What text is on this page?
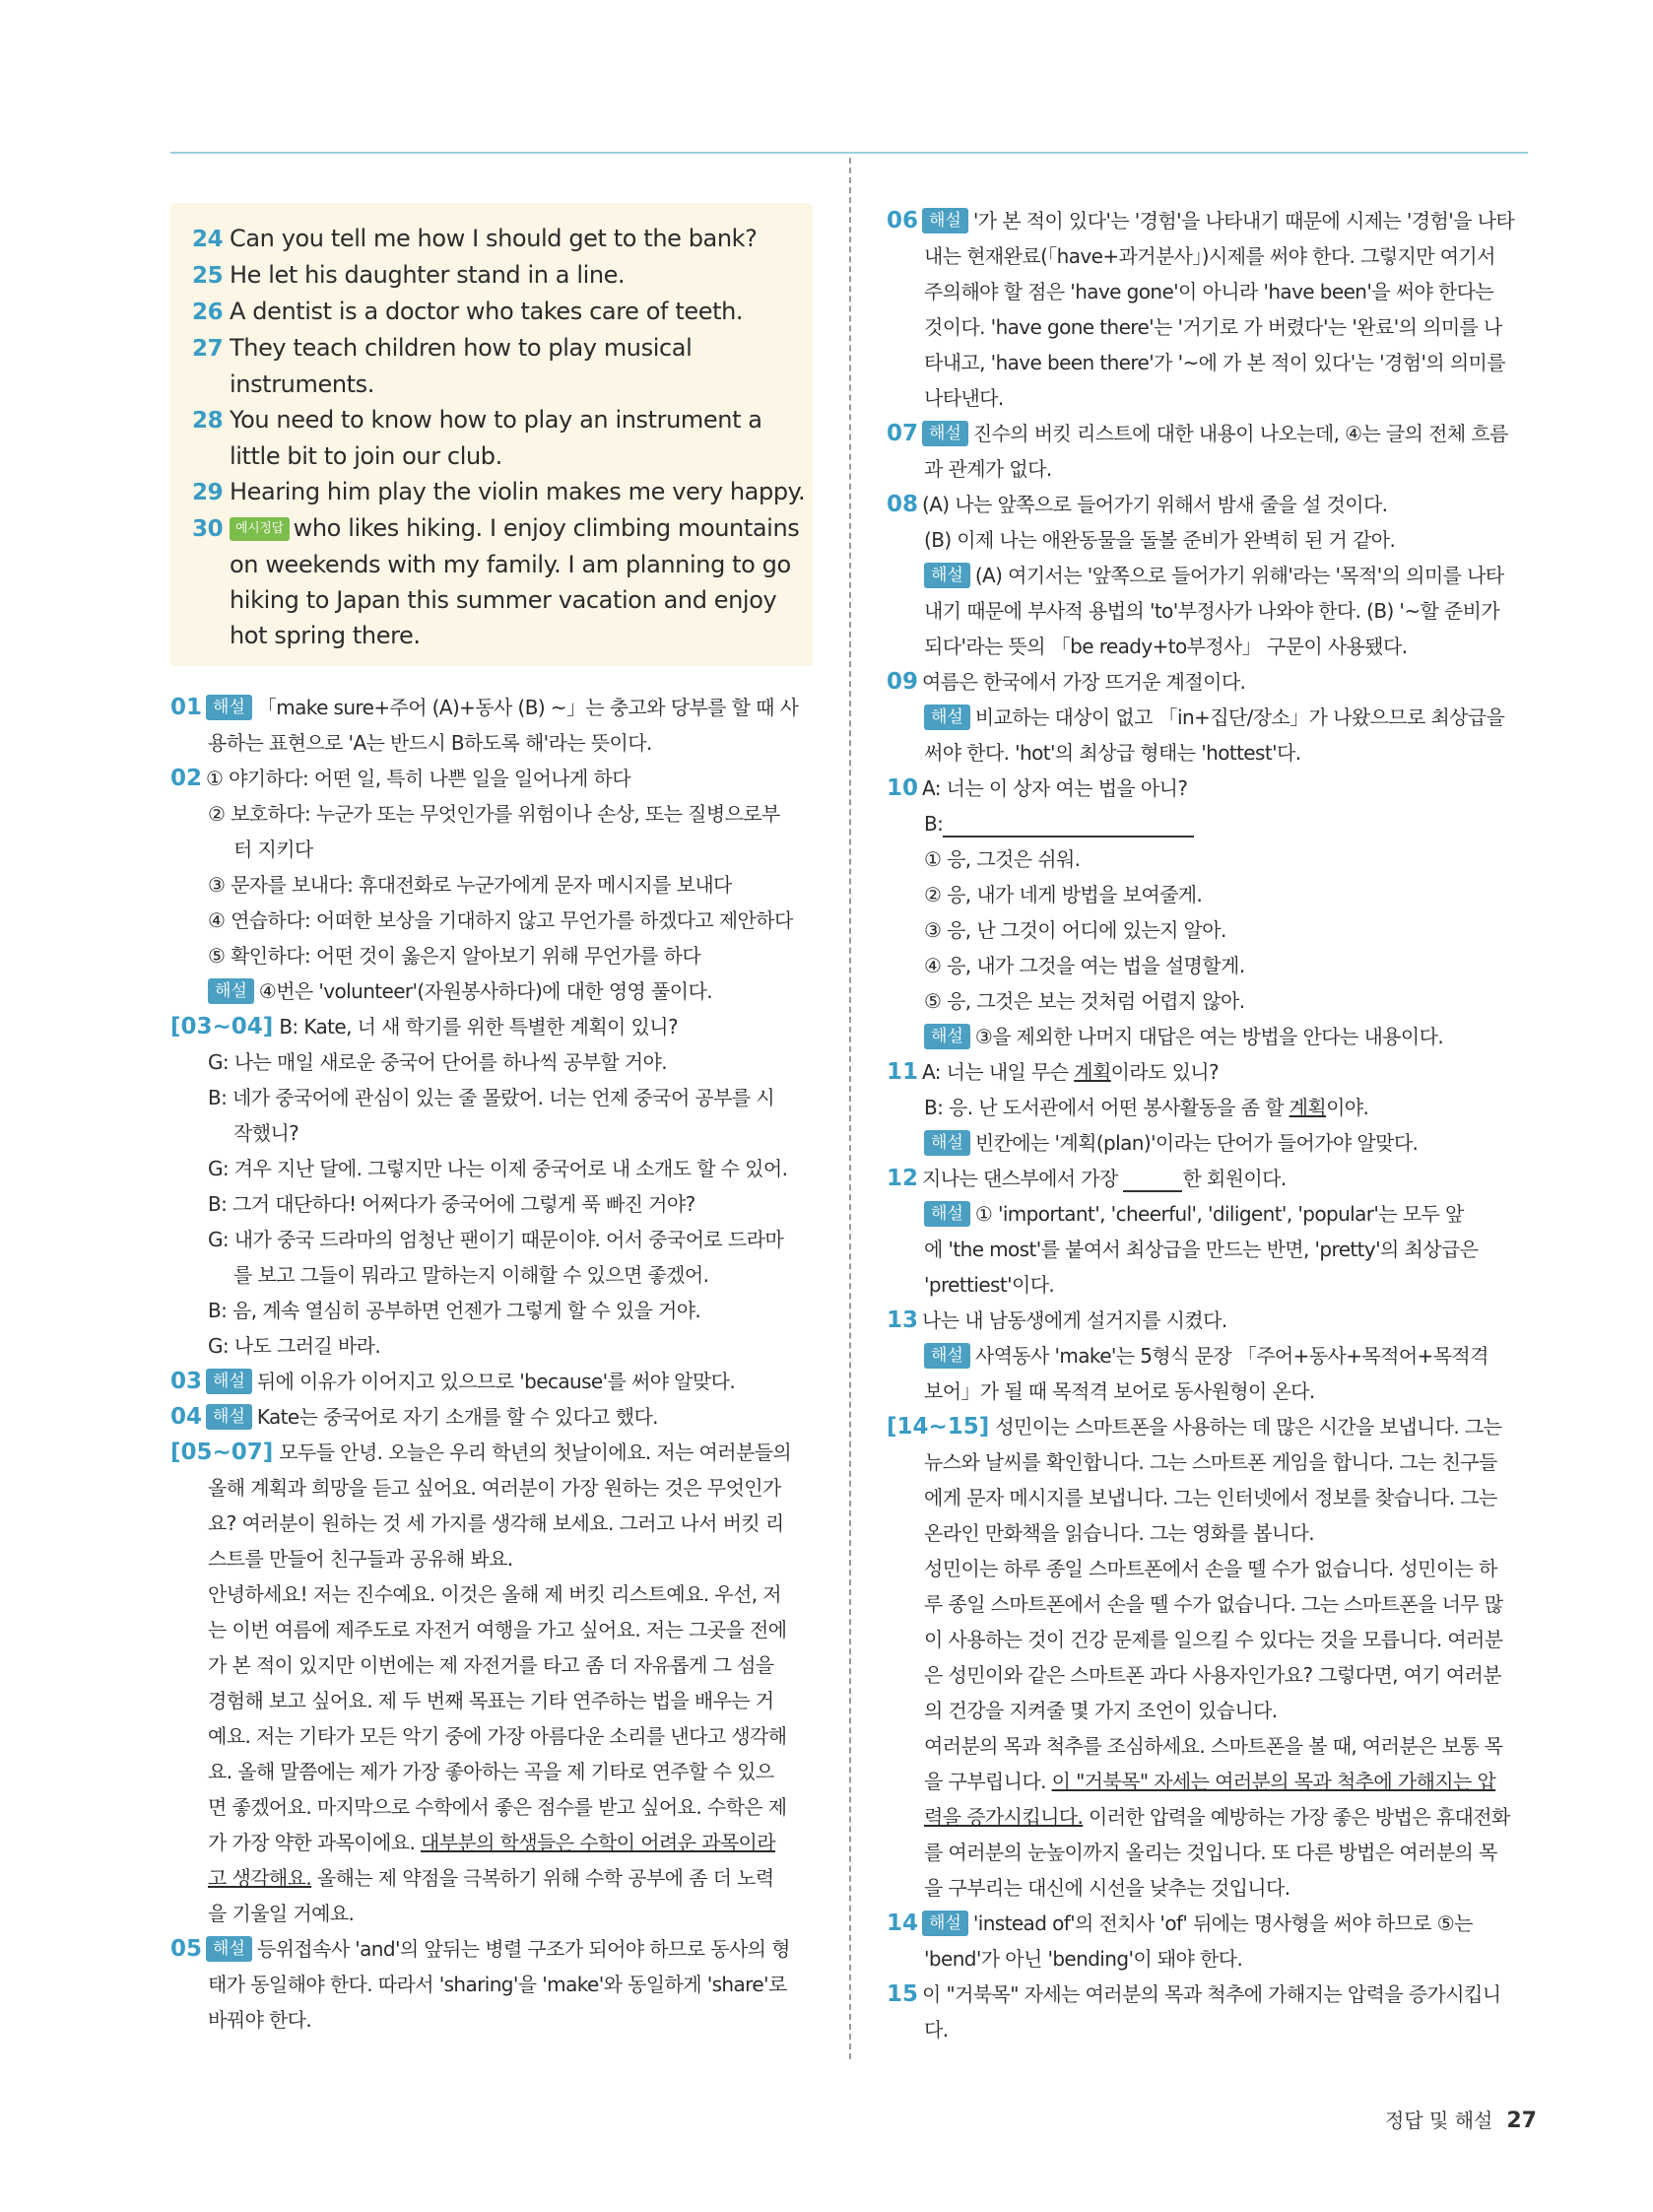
24 Can you tell me how I should get to the bank?
25 He let his daughter stand in a line.
26 A dentist is a doctor who takes care of teeth.
27 They teach children how to play musical
instruments.
28 You need to know how to play an instrument a
little bit to join our club.
29 Hearing him play the violin makes me very happy.
30 예시정답 who likes hiking. I enjoy climbing mountains
on weekends with my family. I am planning to go
hiking to Japan this summer vacation and enjoy
hot spring there.
01 해설 「make sure+주어 (A)+동사 (B) ~」는 충고와 당부를 할 때 사
용하는 표현으로 'A는 반드시 B하도록 해'라는 뜻이다.
02 ① 야기하다: 어떤 일, 특히 나쁜 일을 일어나게 하다
② 보호하다: 누군가 또는 무엇인가를 위험이나 손상, 또는 질병으로부
터 지키다
③ 문자를 보내다: 휴대전화로 누군가에게 문자 메시지를 보내다
④ 연습하다: 어떠한 보상을 기대하지 않고 무언가를 하겠다고 제안하다
⑤ 확인하다: 어떤 것이 옳은지 알아보기 위해 무언가를 하다
해설 ④번은 'volunteer'(자원봉사하다)에 대한 영영 풀이다.
[03~04] B: Kate, 너 새 학기를 위한 특별한 계획이 있니?
G: 나는 매일 새로운 중국어 단어를 하나씩 공부할 거야.
B: 네가 중국어에 관심이 있는 줄 몰랐어. 너는 언제 중국어 공부를 시
작했니?
G: 겨우 지난 달에. 그렇지만 나는 이제 중국어로 내 소개도 할 수 있어.
B: 그거 대단하다! 어쩌다가 중국어에 그렇게 푹 빠진 거야?
G: 내가 중국 드라마의 엄청난 팬이기 때문이야. 어서 중국어로 드라마
를 보고 그들이 뭐라고 말하는지 이해할 수 있으면 좋겠어.
B: 음, 계속 열심히 공부하면 언젠가 그렇게 할 수 있을 거야.
G: 나도 그러길 바라.
03 해설 뒤에 이유가 이어지고 있으므로 'because'를 써야 알맞다.
04 해설 Kate는 중국어로 자기 소개를 할 수 있다고 했다.
[05~07] 모두들 안녕. 오늘은 우리 학년의 첫날이에요. 저는 여러분들의
올해 계획과 희망을 듣고 싶어요. 여러분이 가장 원하는 것은 무엇인가
요? 여러분이 원하는 것 세 가지를 생각해 보세요. 그러고 나서 버킷 리
스트를 만들어 친구들과 공유해 봐요.
안녕하세요! 저는 진수예요. 이것은 올해 제 버킷 리스트예요. 우선, 저
는 이번 여름에 제주도로 자전거 여행을 가고 싶어요. 저는 그곳을 전에
가 본 적이 있지만 이번에는 제 자전거를 타고 좀 더 자유롭게 그 섬을
경험해 보고 싶어요. 제 두 번째 목표는 기타 연주하는 법을 배우는 거
예요. 저는 기타가 모든 악기 중에 가장 아름다운 소리를 낸다고 생각해
요. 올해 말쯤에는 제가 가장 좋아하는 곡을 제 기타로 연주할 수 있으
면 좋겠어요. 마지막으로 수학에서 좋은 점수를 받고 싶어요. 수학은 제
가 가장 약한 과목이에요. 대부분의 학생들은 수학이 어려운 과목이라
고 생각해요. 올해는 제 약점을 극복하기 위해 수학 공부에 좀 더 노력
을 기울일 거예요.
05 해설 등위접속사 'and'의 앞뒤는 병렬 구조가 되어야 하므로 동사의 형
태가 동일해야 한다. 따라서 'sharing'을 'make'와 동일하게 'share'로
바꿔야 한다.
06 해설 '가 본 적이 있다'는 '경험'을 나타내기 때문에 시제는 '경험'을 나타
내는 현재완료(「have+과거분사」)시제를 써야 한다. 그렇지만 여기서
주의해야 할 점은 'have gone'이 아니라 'have been'을 써야 한다는
것이다. 'have gone there'는 '거기로 가 버렸다'는 '완료'의 의미를 나
타내고, 'have been there'가 '~에 가 본 적이 있다'는 '경험'의 의미를
나타낸다.
07 해설 진수의 버킷 리스트에 대한 내용이 나오는데, ④는 글의 전체 흐름
과 관계가 없다.
08 (A) 나는 앞쪽으로 들어가기 위해서 밤새 줄을 설 것이다.
(B) 이제 나는 애완동물을 돌볼 준비가 완벽히 된 거 같아.
해설 (A) 여기서는 '앞쪽으로 들어가기 위해'라는 '목적'의 의미를 나타
내기 때문에 부사적 용법의 'to'부정사가 나와야 한다. (B) '~할 준비가
되다'라는 뜻의 「be ready+to부정사」 구문이 사용됐다.
09 여름은 한국에서 가장 뜨거운 계절이다.
해설 비교하는 대상이 없고 「in+집단/장소」가 나왔으므로 최상급을
써야 한다. 'hot'의 최상급 형태는 'hottest'다.
10 A: 너는 이 상자 여는 법을 아니?
B:
① 응, 그것은 쉬워.
② 응, 내가 네게 방법을 보여줄게.
③ 응, 난 그것이 어디에 있는지 알아.
④ 응, 내가 그것을 여는 법을 설명할게.
⑤ 응, 그것은 보는 것처럼 어렵지 않아.
해설 ③을 제외한 나머지 대답은 여는 방법을 안다는 내용이다.
11 A: 너는 내일 무슨 계획이라도 있니?
B: 응. 난 도서관에서 어떤 봉사활동을 좀 할 계획이야.
해설 빈칸에는 '계획(plan)'이라는 단어가 들어가야 알맞다.
12 지나는 댄스부에서 가장	한 회원이다.
해설 ① 'important', 'cheerful', 'diligent', 'popular'는 모두 앞
에 'the most'를 붙여서 최상급을 만드는 반면, 'pretty'의 최상급은
'prettiest'이다.
13 나는 내 남동생에게 설거지를 시켰다.
해설 사역동사 'make'는 5형식 문장 「주어+동사+목적어+목적격
보어」가 될 때 목적격 보어로 동사원형이 온다.
[14~15] 성민이는 스마트폰을 사용하는 데 많은 시간을 보냅니다. 그는
뉴스와 날씨를 확인합니다. 그는 스마트폰 게임을 합니다. 그는 친구들
에게 문자 메시지를 보냅니다. 그는 인터넷에서 정보를 찾습니다. 그는
온라인 만화책을 읽습니다. 그는 영화를 봅니다.
성민이는 하루 종일 스마트폰에서 손을 뗄 수가 없습니다. 성민이는 하
루 종일 스마트폰에서 손을 뗄 수가 없습니다. 그는 스마트폰을 너무 많
이 사용하는 것이 건강 문제를 일으킬 수 있다는 것을 모릅니다. 여러분
은 성민이와 같은 스마트폰 과다 사용자인가요? 그렇다면, 여기 여러분
의 건강을 지켜줄 몇 가지 조언이 있습니다.
여러분의 목과 척추를 조심하세요. 스마트폰을 볼 때, 여러분은 보통 목
을 구부립니다. 이 "거북목" 자세는 여러분의 목과 척추에 가해지는 압
력을 증가시킵니다. 이러한 압력을 예방하는 가장 좋은 방법은 휴대전화
를 여러분의 눈높이까지 올리는 것입니다. 또 다른 방법은 여러분의 목
을 구부리는 대신에 시선을 낮추는 것입니다.
14 해설 'instead of'의 전치사 'of' 뒤에는 명사형을 써야 하므로 ⑤는
'bend'가 아닌 'bending'이 돼야 한다.
15 이 "거북목" 자세는 여러분의 목과 척추에 가해지는 압력을 증가시킵니
다.
정답 및 해설 27
